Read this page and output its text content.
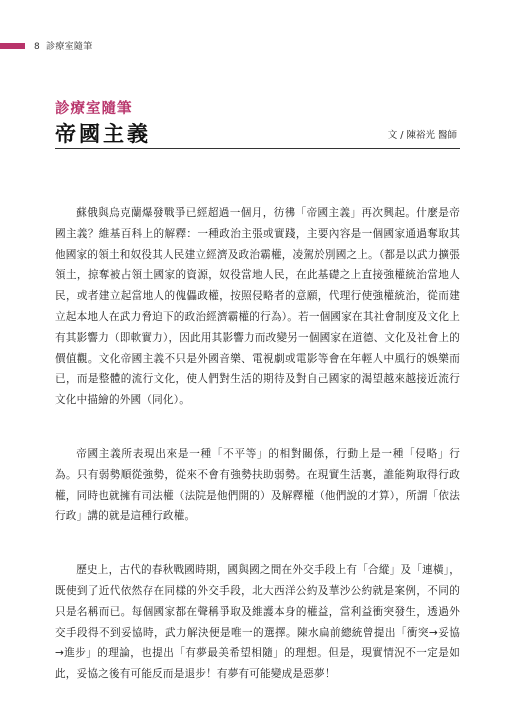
8 診療室隨筆
診療室隨筆
帝國主義	文 / 陳裕光 醫師

蘇俄與烏克蘭爆發戰爭已經超過一個月，彷彿「帝國主義」再次興起。什麼是帝國主義？維基百科上的解釋：一種政治主張或實踐，主要內容是一個國家通過奪取其他國家的領土和奴役其人民建立經濟及政治霸權，凌駕於別國之上。（都是以武力擴張領土，掠奪被占領土國家的資源，奴役當地人民，在此基礎之上直接強權統治當地人民，或者建立起當地人的傀儡政權，按照侵略者的意願，代理行使強權統治，從而建立起本地人在武力脅迫下的政治經濟霸權的行為）。若一個國家在其社會制度及文化上有其影響力（即軟實力），因此用其影響力而改變另一個國家在道德、文化及社會上的價值觀。文化帝國主義不只是外國音樂、電視劇或電影等會在年輕人中風行的娛樂而已，而是整體的流行文化，使人們對生活的期待及對自己國家的渴望越來越接近流行文化中描繪的外國（同化）。

帝國主義所表現出來是一種「不平等」的相對關係，行動上是一種「侵略」行為。只有弱勢順從強勢，從來不會有強勢扶助弱勢。在現實生活裏，誰能夠取得行政權，同時也就擁有司法權（法院是他們開的）及解釋權（他們說的才算），所謂「依法行政」講的就是這種行政權。

歷史上，古代的春秋戰國時期，國與國之間在外交手段上有「合縱」及「連橫」，既使到了近代依然存在同樣的外交手段，北大西洋公約及華沙公約就是案例，不同的只是名稱而已。每個國家都在聲稱爭取及維護本身的權益，當利益衝突發生，透過外交手段得不到妥協時，武力解決便是唯一的選擇。陳水扁前總統曾提出「衝突→妥協→進步」的理論，也提出「有夢最美希望相隨」的理想。但是，現實情況不一定是如此，妥協之後有可能反而是退步！有夢有可能變成是惡夢！
